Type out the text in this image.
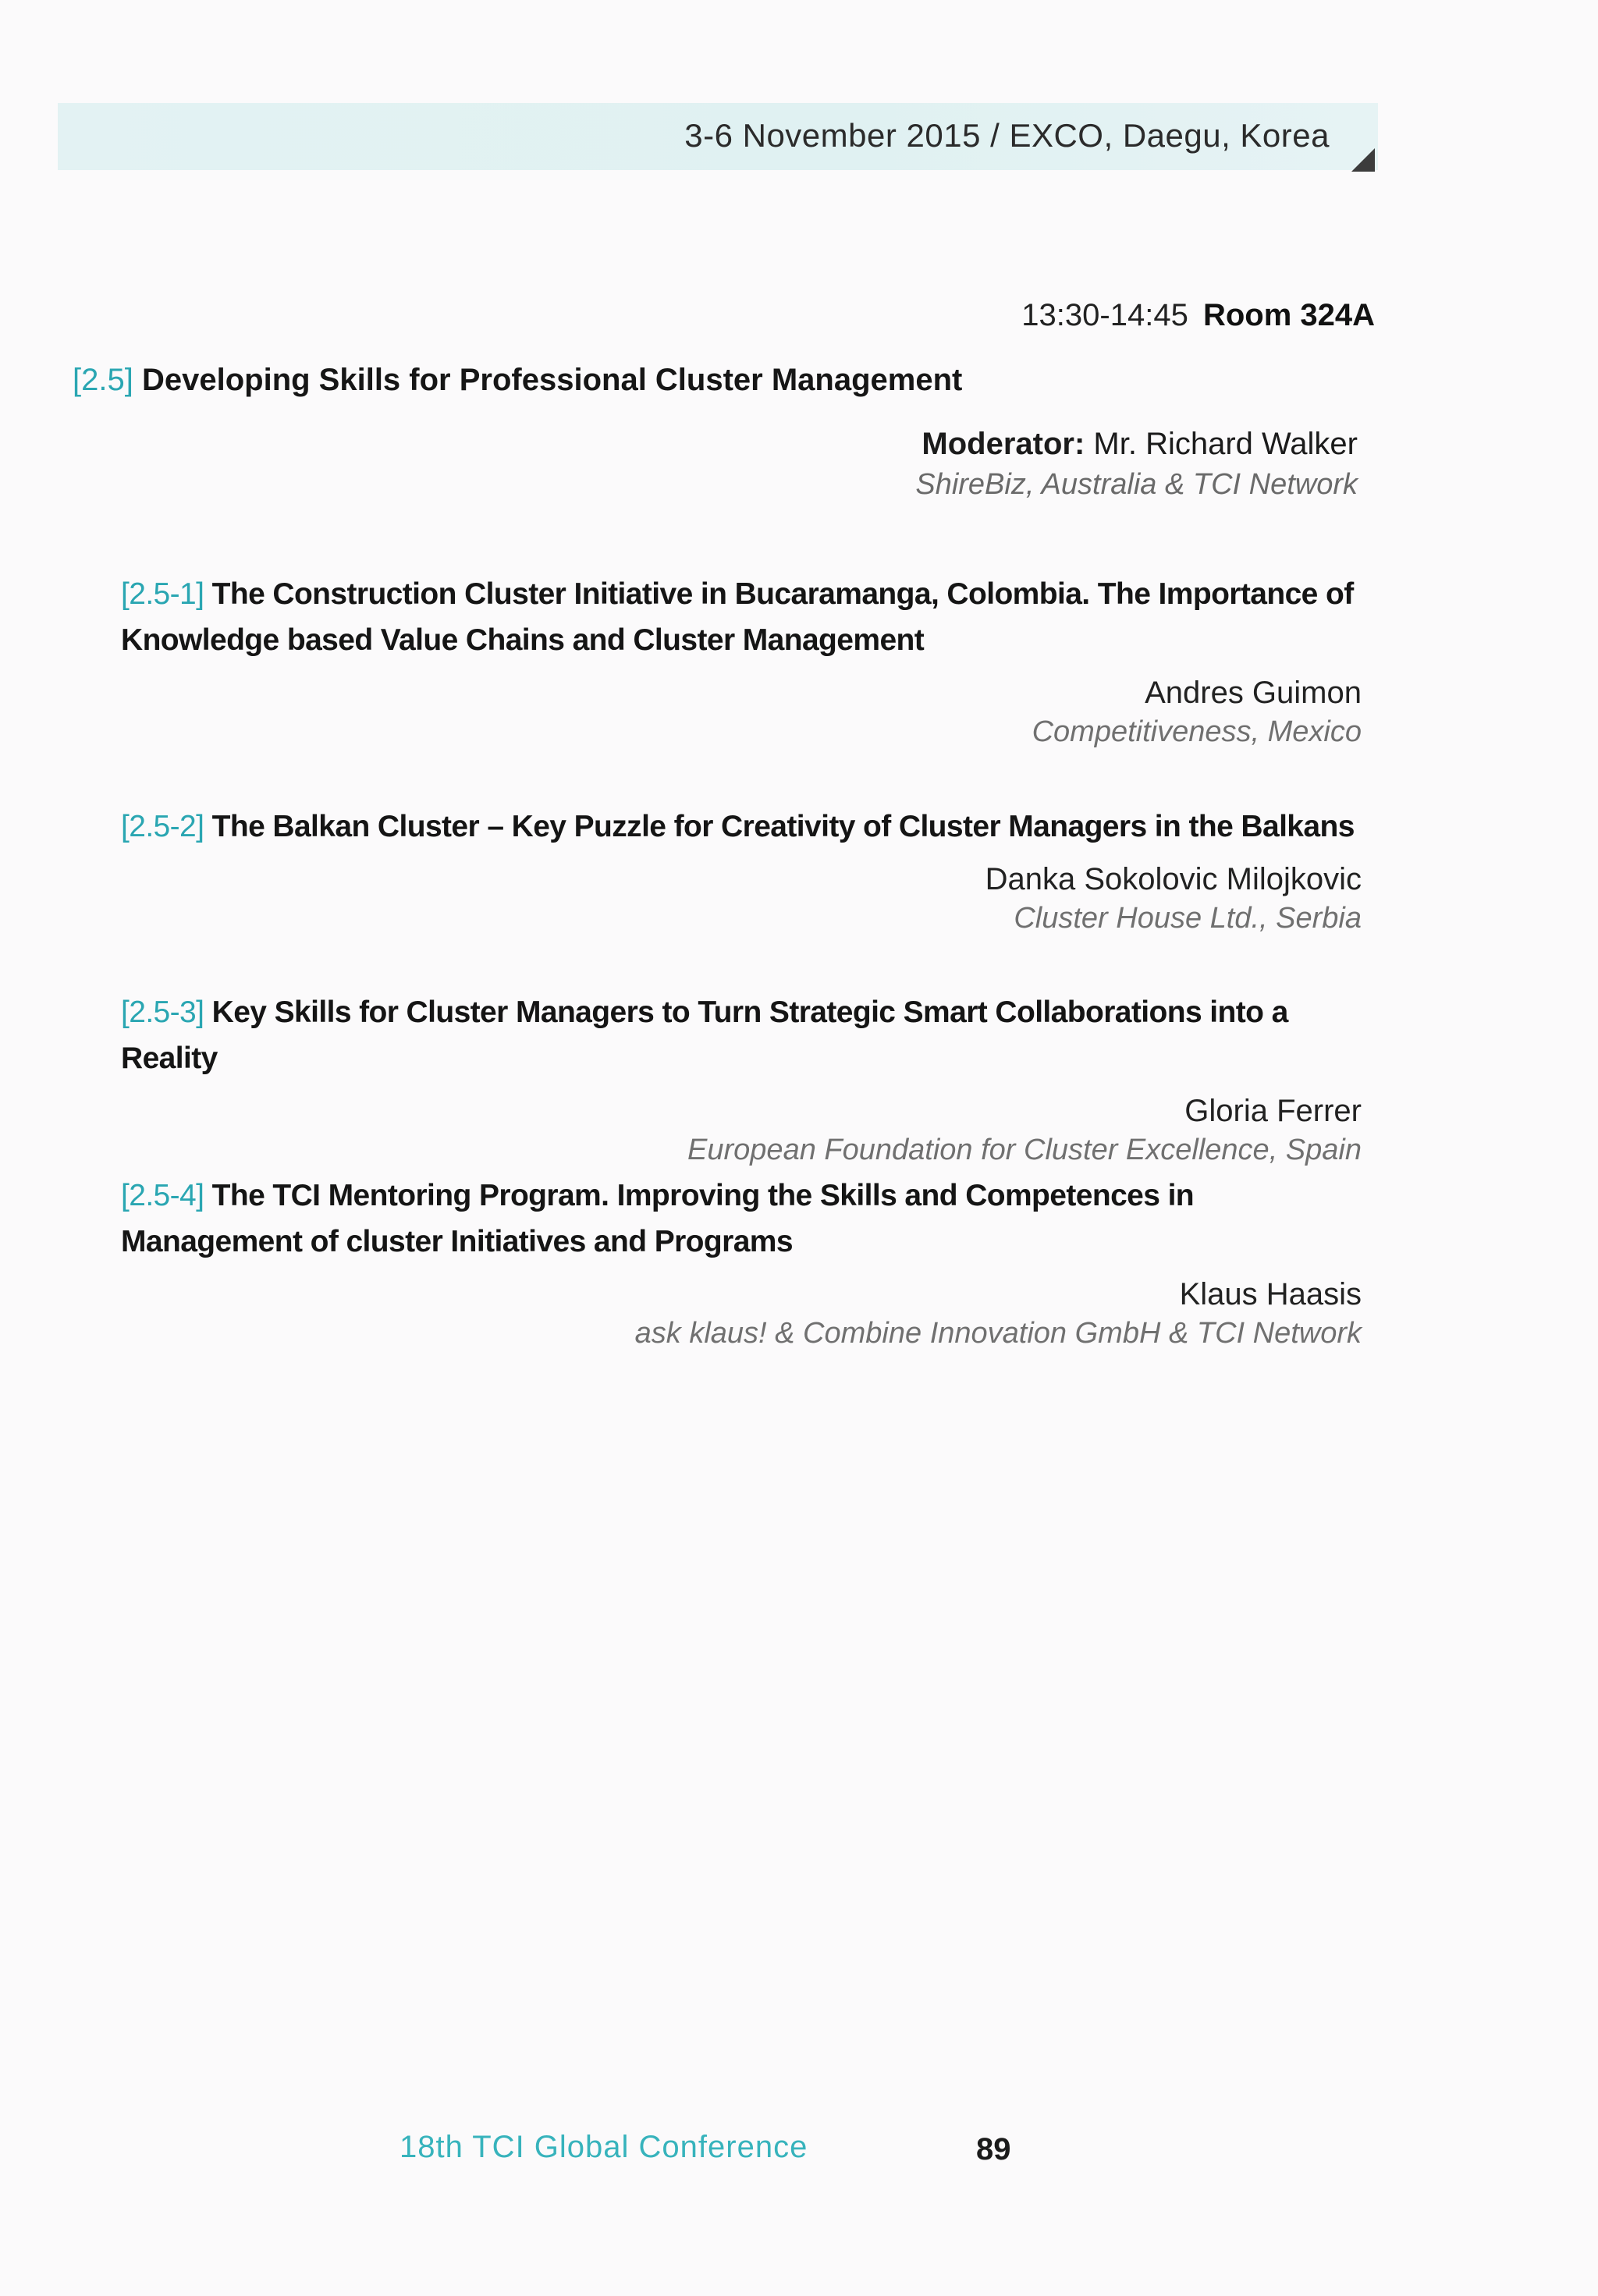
3-6 November 2015 / EXCO, Daegu, Korea
13:30-14:45 Room 324A
[2.5] Developing Skills for Professional Cluster Management
Moderator: Mr. Richard Walker
ShireBiz, Australia & TCI Network
[2.5-1] The Construction Cluster Initiative in Bucaramanga, Colombia. The Importance of Knowledge based Value Chains and Cluster Management
Andres Guimon
Competitiveness, Mexico
[2.5-2] The Balkan Cluster – Key Puzzle for Creativity of Cluster Managers in the Balkans
Danka Sokolovic Milojkovic
Cluster House Ltd., Serbia
[2.5-3] Key Skills for Cluster Managers to Turn Strategic Smart Collaborations into a Reality
Gloria Ferrer
European Foundation for Cluster Excellence, Spain
[2.5-4] The TCI Mentoring Program. Improving the Skills and Competences in Management of cluster Initiatives and Programs
Klaus Haasis
ask klaus! & Combine Innovation GmbH & TCI Network
18th TCI Global Conference	89
